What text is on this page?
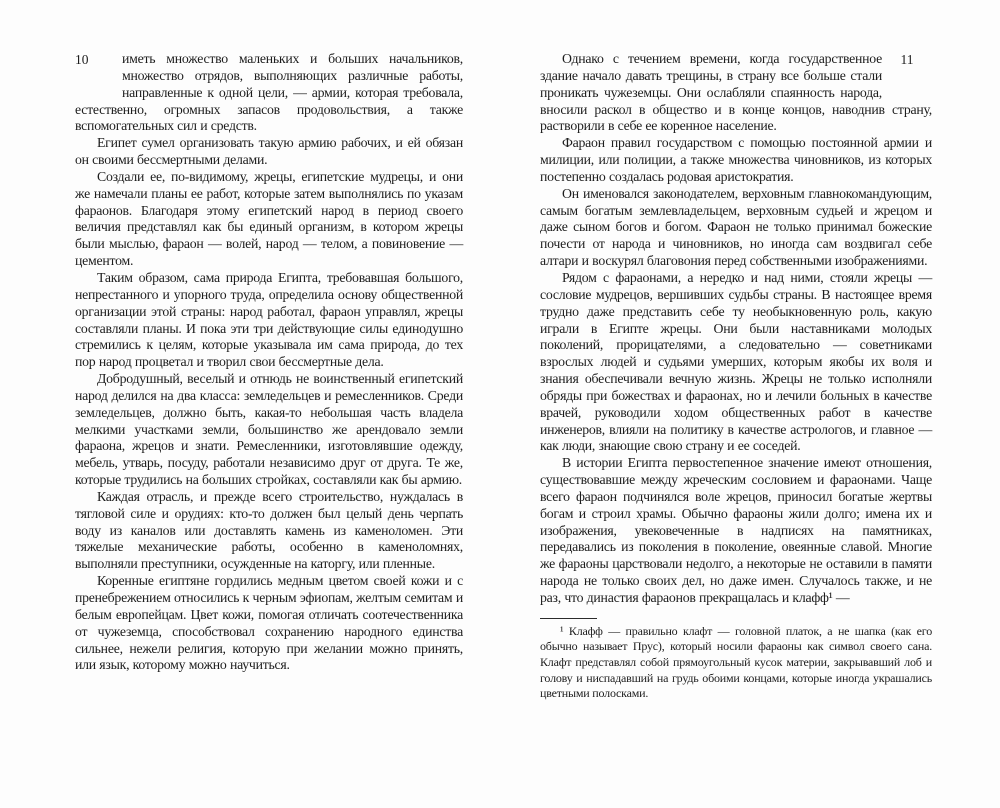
10	иметь множество маленьких и больших начальников, множество отрядов, выполняющих различные работы, направленные к одной цели, — армии, которая требовала, естественно, огромных запасов продовольствия, а также вспомогательных сил и средств.

Египет сумел организовать такую армию рабочих, и ей обязан он своими бессмертными делами.

Создали ее, по-видимому, жрецы, египетские мудрецы, и они же намечали планы ее работ, которые затем выполнялись по указам фараонов. Благодаря этому египетский народ в период своего величия представлял как бы единый организм, в котором жрецы были мыслью, фараон — волей, народ — телом, а повиновение — цементом.

Таким образом, сама природа Египта, требовавшая большого, непрестанного и упорного труда, определила основу общественной организации этой страны: народ работал, фараон управлял, жрецы составляли планы. И пока эти три действующие силы единодушно стремились к целям, которые указывала им сама природа, до тех пор народ процветал и творил свои бессмертные дела.

Добродушный, веселый и отнюдь не воинственный египетский народ делился на два класса: земледельцев и ремесленников. Среди земледельцев, должно быть, какая-то небольшая часть владела мелкими участками земли, большинство же арендовало земли фараона, жрецов и знати. Ремесленники, изготовлявшие одежду, мебель, утварь, посуду, работали независимо друг от друга. Те же, которые трудились на больших стройках, составляли как бы армию.

Каждая отрасль, и прежде всего строительство, нуждалась в тягловой силе и орудиях: кто-то должен был целый день черпать воду из каналов или доставлять камень из каменоломен. Эти тяжелые механические работы, особенно в каменоломнях, выполняли преступники, осужденные на каторгу, или пленные.

Коренные египтяне гордились медным цветом своей кожи и с пренебрежением относились к черным эфиопам, желтым семитам и белым европейцам. Цвет кожи, помогая отличать соотечественника от чужеземца, способствовал сохранению народного единства сильнее, нежели религия, которую при желании можно принять, или язык, которому можно научиться.

11

Однако с течением времени, когда государственное здание начало давать трещины, в страну все больше стали проникать чужеземцы. Они ослабляли спаянность народа, вносили раскол в общество и в конце концов, наводнив страну, растворили в себе ее коренное население.

Фараон правил государством с помощью постоянной армии и милиции, или полиции, а также множества чиновников, из которых постепенно создалась родовая аристократия.

Он именовался законодателем, верховным главнокомандующим, самым богатым землевладельцем, верховным судьей и жрецом и даже сыном богов и богом. Фараон не только принимал божеские почести от народа и чиновников, но иногда сам воздвигал себе алтари и воскурял благовония перед собственными изображениями.

Рядом с фараонами, а нередко и над ними, стояли жрецы — сословие мудрецов, вершивших судьбы страны. В настоящее время трудно даже представить себе ту необыкновенную роль, какую играли в Египте жрецы. Они были наставниками молодых поколений, прорицателями, а следовательно — советниками взрослых людей и судьями умерших, которым якобы их воля и знания обеспечивали вечную жизнь. Жрецы не только исполняли обряды при божествах и фараонах, но и лечили больных в качестве врачей, руководили ходом общественных работ в качестве инженеров, влияли на политику в качестве астрологов, и главное — как люди, знающие свою страну и ее соседей.

В истории Египта первостепенное значение имеют отношения, существовавшие между жреческим сословием и фараонами. Чаще всего фараон подчинялся воле жрецов, приносил богатые жертвы богам и строил храмы. Обычно фараоны жили долго; имена их и изображения, увековеченные в надписях на памятниках, передавались из поколения в поколение, овеянные славой. Многие же фараоны царствовали недолго, а некоторые не оставили в памяти народа не только своих дел, но даже имен. Случалось также, и не раз, что династия фараонов прекращалась и клафф¹ —

¹ Клафф — правильно клафт — головной платок, а не шапка (как его обычно называет Прус), который носили фараоны как символ своего сана. Клафт представлял собой прямоугольный кусок материи, закрывавший лоб и голову и ниспадавший на грудь обоими концами, которые иногда украшались цветными полосками.
